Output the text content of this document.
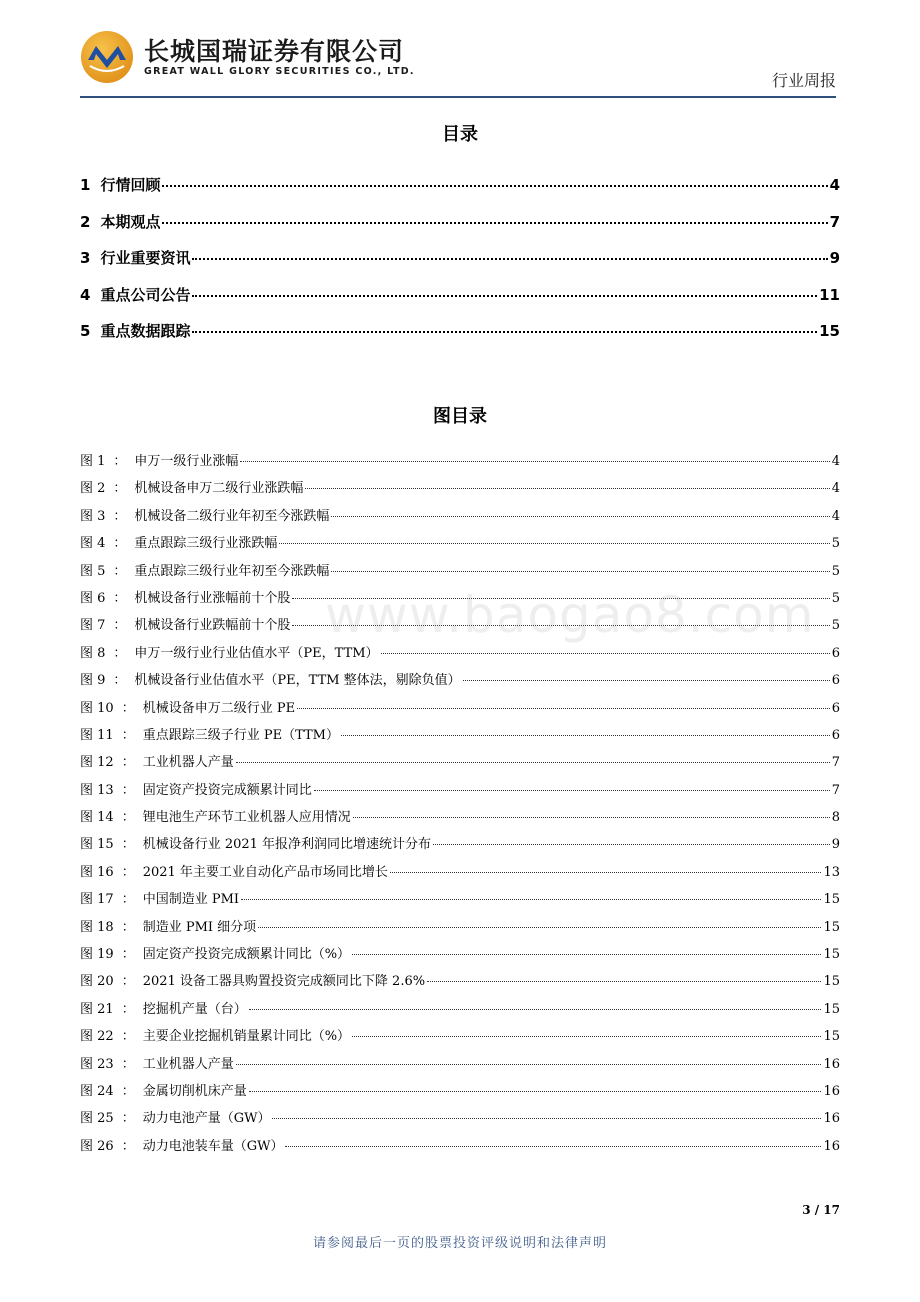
长城国瑞证券有限公司
GREAT WALL GLORY SECURITIES CO., LTD.	行业周报
目录
1 行情回顾	4
2 本期观点	7
3 行业重要资讯	9
4 重点公司公告	11
5 重点数据跟踪	15
图目录
图 1 ： 申万一级行业涨幅	4
图 2 ： 机械设备申万二级行业涨跌幅	4
图 3 ： 机械设备二级行业年初至今涨跌幅	4
图 4 ： 重点跟踪三级行业涨跌幅	5
图 5 ： 重点跟踪三级行业年初至今涨跌幅	5
图 6 ： 机械设备行业涨幅前十个股	5
图 7 ： 机械设备行业跌幅前十个股	5
图 8 ： 申万一级行业行业估值水平（PE，TTM）	6
图 9 ： 机械设备行业估值水平（PE，TTM 整体法，剔除负值）	6
图 10 ： 机械设备申万二级行业 PE	6
图 11 ： 重点跟踪三级子行业 PE（TTM）	6
图 12 ： 工业机器人产量	7
图 13 ： 固定资产投资完成额累计同比	7
图 14 ： 锂电池生产环节工业机器人应用情况	8
图 15 ： 机械设备行业 2021 年报净利润同比增速统计分布	9
图 16 ： 2021 年主要工业自动化产品市场同比增长	13
图 17 ： 中国制造业 PMI	15
图 18 ： 制造业 PMI 细分项	15
图 19 ： 固定资产投资完成额累计同比（%）	15
图 20 ： 2021 设备工器具购置投资完成额同比下降 2.6%	15
图 21 ： 挖掘机产量（台）	15
图 22 ： 主要企业挖掘机销量累计同比（%）	15
图 23 ： 工业机器人产量	16
图 24 ： 金属切削机床产量	16
图 25 ： 动力电池产量（GW）	16
图 26 ： 动力电池装车量（GW）	16
www.baogao8.com
3 / 17
请参阅最后一页的股票投资评级说明和法律声明
